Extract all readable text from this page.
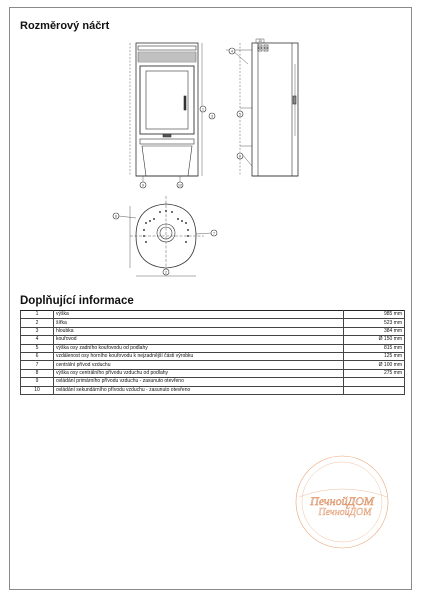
Rozměrový náčrt
1
4
5
8
3
9	10
10
6
7
2
Doplňující informace
1	výška	985 mm
2	šířka	523 mm
3	hloubka	384 mm
4	kouřovod	Ø 150 mm
5	výška osy zadního kouřovodu od podlahy	815 mm
6	vzdálenost osy horního kouřovodu k nejzadnější části výrobku	125 mm
7	centrální přívod vzduchu	Ø 100 mm
8	výška osy centrálního přívodu vzduchu od podlahy	275 mm
9	ovládání primárního přívodu vzduchu - zasunuto otevřeno	
10	ovládání sekundárního přívodu vzduchu - zasunuto otevřeno	
ПечнойДОМ
ПечнойДОМ
